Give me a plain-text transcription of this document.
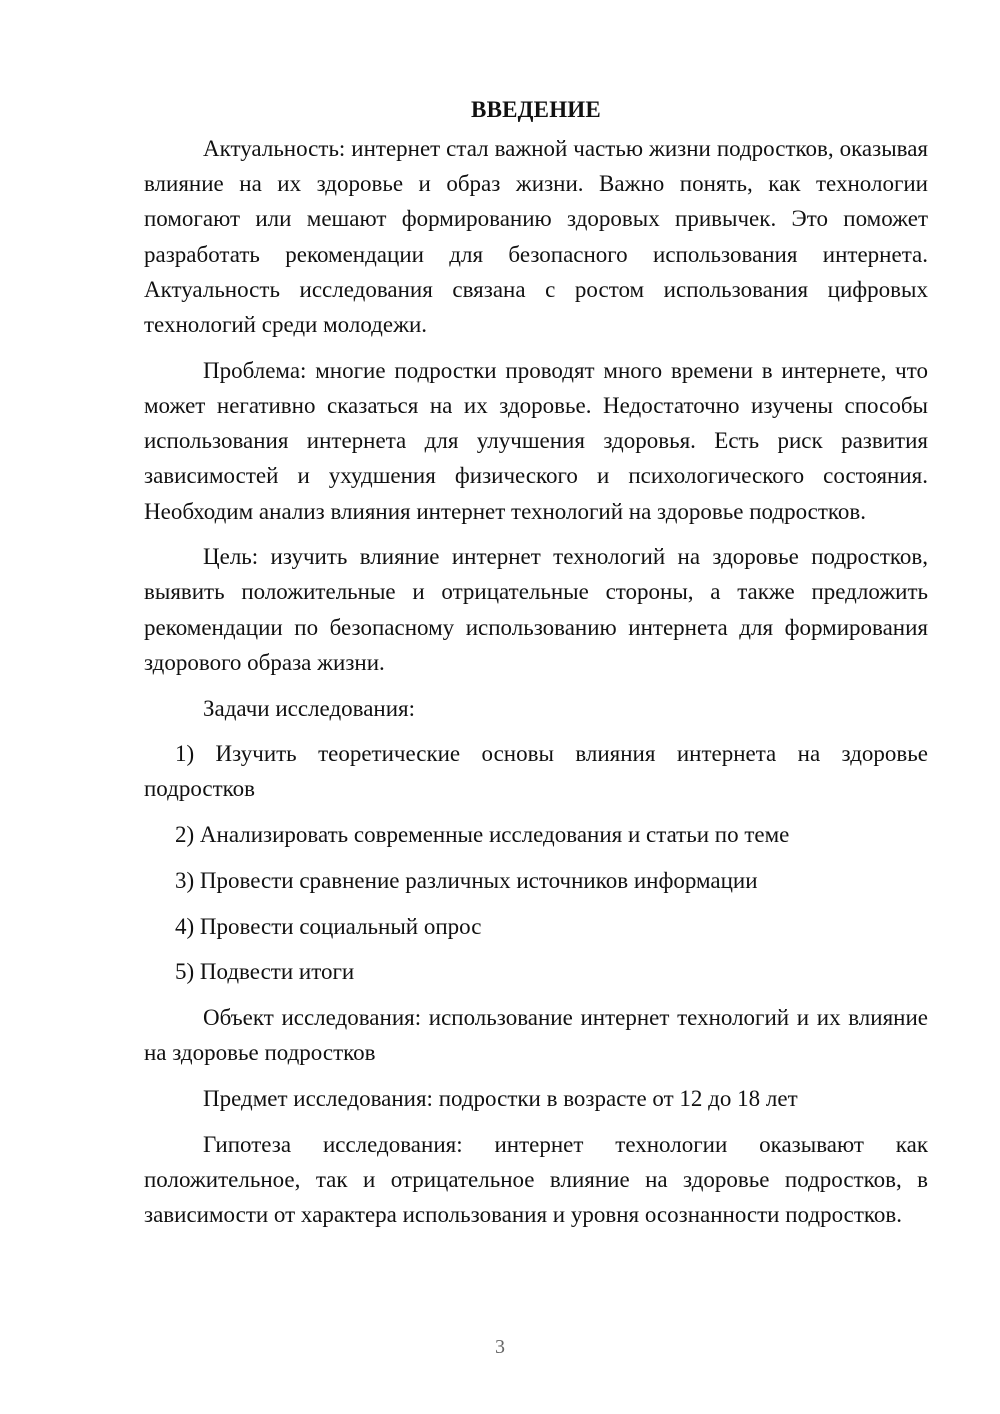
ВВЕДЕНИЕ

Актуальность: интернет стал важной частью жизни подростков, оказывая влияние на их здоровье и образ жизни. Важно понять, как технологии помогают или мешают формированию здоровых привычек. Это поможет разработать рекомендации для безопасного использования интернета. Актуальность исследования связана с ростом использования цифровых технологий среди молодежи.

Проблема: многие подростки проводят много времени в интернете, что может негативно сказаться на их здоровье. Недостаточно изучены способы использования интернета для улучшения здоровья. Есть риск развития зависимостей и ухудшения физического и психологического состояния. Необходим анализ влияния интернет технологий на здоровье подростков.

Цель: изучить влияние интернет технологий на здоровье подростков, выявить положительные и отрицательные стороны, а также предложить рекомендации по безопасному использованию интернета для формирования здорового образа жизни.

Задачи исследования:

1) Изучить теоретические основы влияния интернета на здоровье подростков

2) Анализировать современные исследования и статьи по теме

3) Провести сравнение различных источников информации

4) Провести социальный опрос

5) Подвести итоги

Объект исследования: использование интернет технологий и их влияние на здоровье подростков

Предмет исследования: подростки в возрасте от 12 до 18 лет

Гипотеза исследования: интернет технологии оказывают как положительное, так и отрицательное влияние на здоровье подростков, в зависимости от характера использования и уровня осознанности подростков.

3
